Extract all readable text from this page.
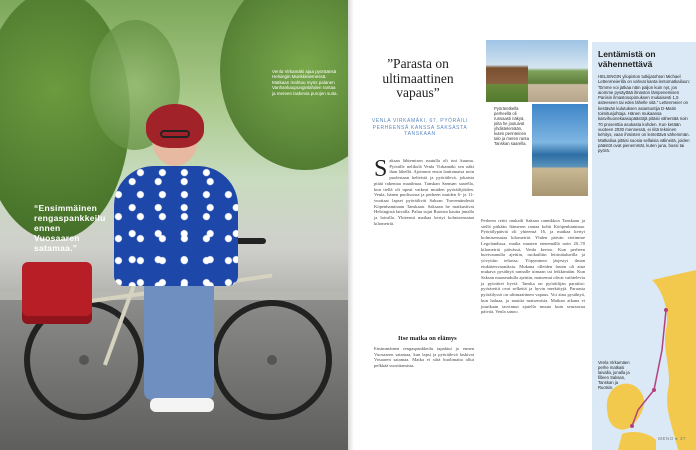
Venla Virkamäki ajaa pyöräänsä Helsingin Munkkiniemessä. Matkaan mahtuu myös palanen Vanhankaupunginlahden rantaa ja mereen laskevia purojen suita.
“Ensimmäinen rengaspankkeilu ennen Vuosaaren satamaa.”
”Parasta on ultimaattinen vapaus”
VENLA VIRKAMÄKI, 67, PYÖRÄILI PERHEENSÄ KANSSA SAKSASTA TANSKAAN
S aksan lähtemisen ruutulla oli tosi kuuma. Pyörälle nelikolä Venla Virkamäki sen näki ihan lähellä. Ajoimme ensin lauttamatsa noin puolestaan helteistä ja pyöräilevä, jokaista pitää rakentaa maailmaa. Tanskan Samsøn saarella, kun tiellä oli upeat vaikeat muiden pyöräilijöiden. Venla, hänen puolisonsa ja perheen muiden 6- ja 11-vuotiaat lapset pyöräilivät Saksan Travemündestä Köpenhaminaan Tanskaan. Saksaan he matkustivat Helsingistä laivalla. Paluu sujui Ruotsin kautta junalla ja laivalla. Yhteensä matkaa kertyi kolmisensataa kilometriä.
Itse matka on elämys
Ensimmäinen rengaspankkeilu tapahtui jo ennen Vuosaaren satamaa, kun lapsi ja pyöräilevä laskivat Vosaaren satamaa. Matka ei siitä huolimatta ollut pelkkää suorittamista.
Pyöräretkellä perheellä oli runsaasti näkyä, joita he joutuivat yhdistelemään, kuten perinteinen talo ja meren ranta Tanskan saarella.
Perheen reitti mukaili Saksan rannikkoa Tanskaan ja siellä pitkään Itämeren rantaa kohti Kööpenhaminaa. Pyöräilypäiviä oli yhteensä 16, ja matkaa kertyi kolmisensataa kilometriä. Yhden päivän vietimme Legolandissa, matka muuten etenemällä noin 20–70 kilometriä päivässä, Venla kertoo. Kun perheen huvivaunulla ajettiin, ruokailtiin leirintäalueilla ja yövyttiin teltassa. Yöpyminen järjestyi ilman etukäteisvarauksia. Mukana olleiden lasten oli aina mukava pysähtyä rannalle uimaan tai leikkimään. Kun Saksan maaseudulla ajettiin, maisemat olivat vaihtelevia ja pyörätiet hyviä. Tanska on pyöräilijän paratiisi: pyöräreitit ovat selkeitä ja hyvin merkittyjä. Paraasta pyöräilyssä on ultimaattinen vapaus. Voi aina pysähtyä, kun haluaa, ja nauttia maisemista. Matkan aikana ei juurikaan tarvinnut ajatella muuta kuin seuraavaa päivää, Venla sanoo.
Lentämistä on vähennettävä
HELSINGIN yliopiston tutkijatohtori Michael Lettenmeierilla on vahvat kanta lentomatkailuun: ”Emme voi jatkaa näin paljon kuin nyt, jos aiomme pysäyttää ilmaston lämpenemisen Pariisin ilmastosopimuksen mukaisesti 1,5 asteeseen tai edes lähelle sitä.” Lettenmeier on kestävän kulutuksen asiantuntija D-Matin toimitusjohtaja. Hänen mukaansa kasvihuonekaasupäästöjä pitäisi vähentää noin 70 prosenttia asukasta kohden. Kun ketään vuoteen 2030 mennessä, ei riitä tekninen kehitys, vaan ihmisten on lentettävä vähemmän. Matkailua pitäisi suosia sellaisia välineitä, joiden päästöt ovat pienemmät, kuten juna, bussi tai pyörä.
Venla Virkamäen perhe matkasi laivalla, junalla ja filleen Saksan, Tanskan ja Ruotsin.
MENO ▸ 37
